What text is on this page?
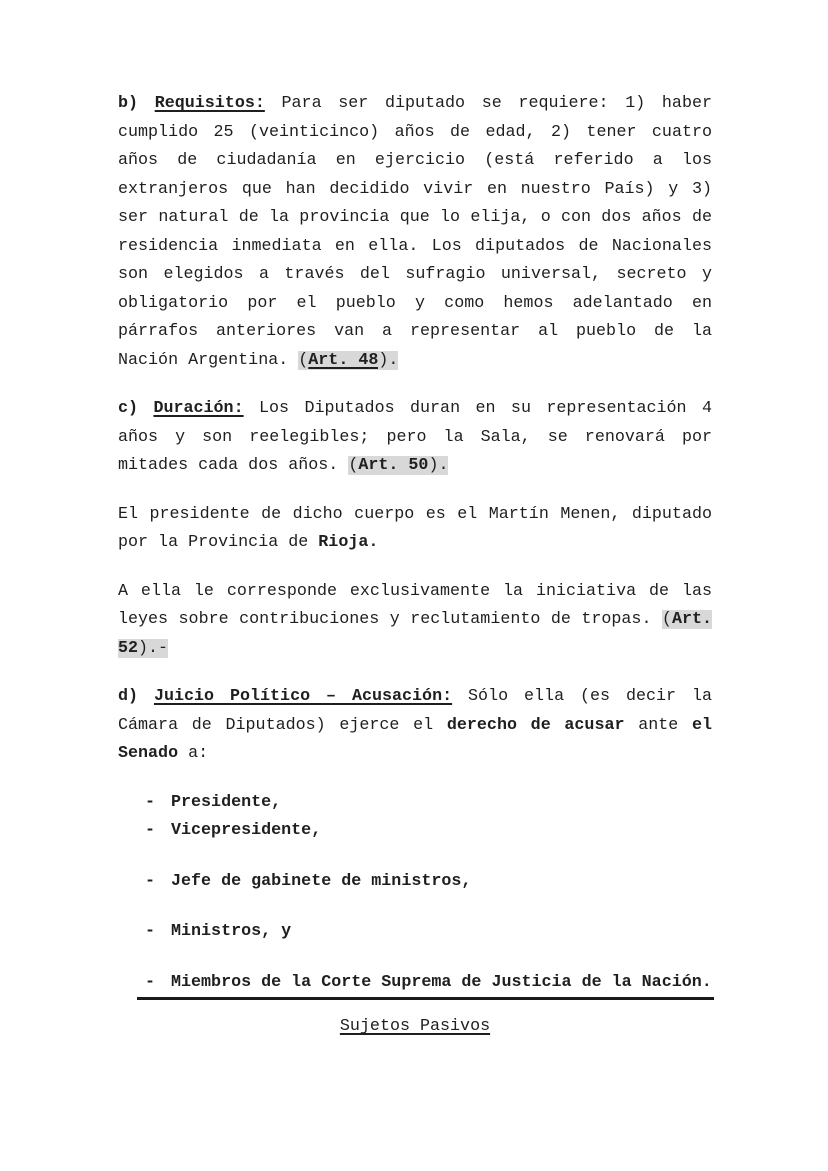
b) Requisitos: Para ser diputado se requiere: 1) haber cumplido 25 (veinticinco) años de edad, 2) tener cuatro años de ciudadanía en ejercicio (está referido a los extranjeros que han decidido vivir en nuestro País) y 3) ser natural de la provincia que lo elija, o con dos años de residencia inmediata en ella. Los diputados de Nacionales son elegidos a través del sufragio universal, secreto y obligatorio por el pueblo y como hemos adelantado en párrafos anteriores van a representar al pueblo de la Nación Argentina. (Art. 48).

c) Duración: Los Diputados duran en su representación 4 años y son reelegibles; pero la Sala, se renovará por mitades cada dos años. (Art. 50).

El presidente de dicho cuerpo es el Martín Menen, diputado por la Provincia de Rioja.

A ella le corresponde exclusivamente la iniciativa de las leyes sobre contribuciones y reclutamiento de tropas. (Art. 52).-

d) Juicio Político – Acusación: Sólo ella (es decir la Cámara de Diputados) ejerce el derecho de acusar ante el Senado a:

- Presidente,
- Vicepresidente,
- Jefe de gabinete de ministros,
- Ministros, y
- Miembros de la Corte Suprema de Justicia de la Nación.
Sujetos Pasivos
